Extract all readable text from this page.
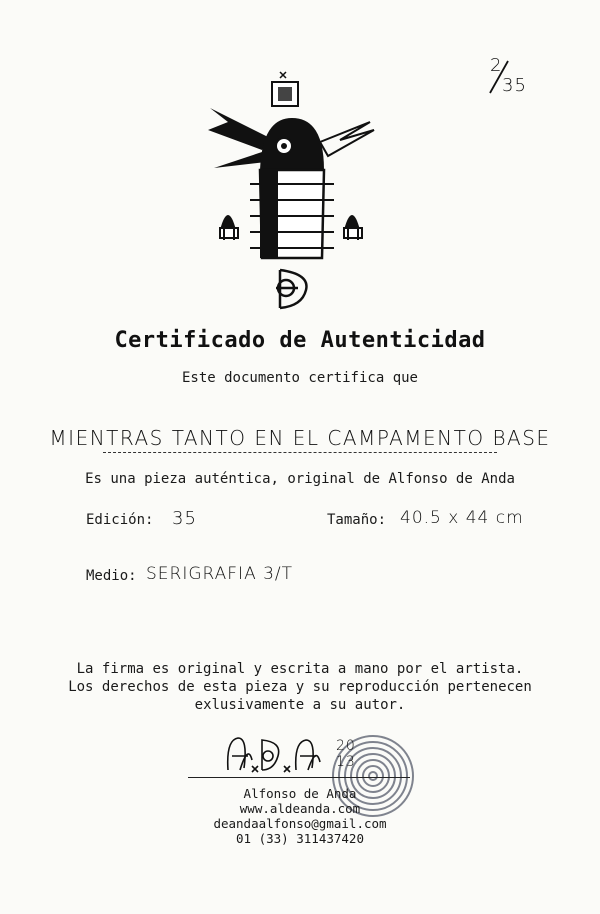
2
35
Certificado de Autenticidad
Este documento certifica que
MIENTRAS TANTO EN EL CAMPAMENTO BASE
Es una pieza auténtica, original de Alfonso de Anda
Edición: 35	Tamaño: 40.5 x 44 cm
Medio: SERIGRAFIA 3/T
La firma es original y escrita a mano por el artista.
Los derechos de esta pieza y su reproducción pertenecen
exlusivamente a su autor.
20
13
Alfonso de Anda
www.aldeanda.com
deandaalfonso@gmail.com
01 (33) 311437420
